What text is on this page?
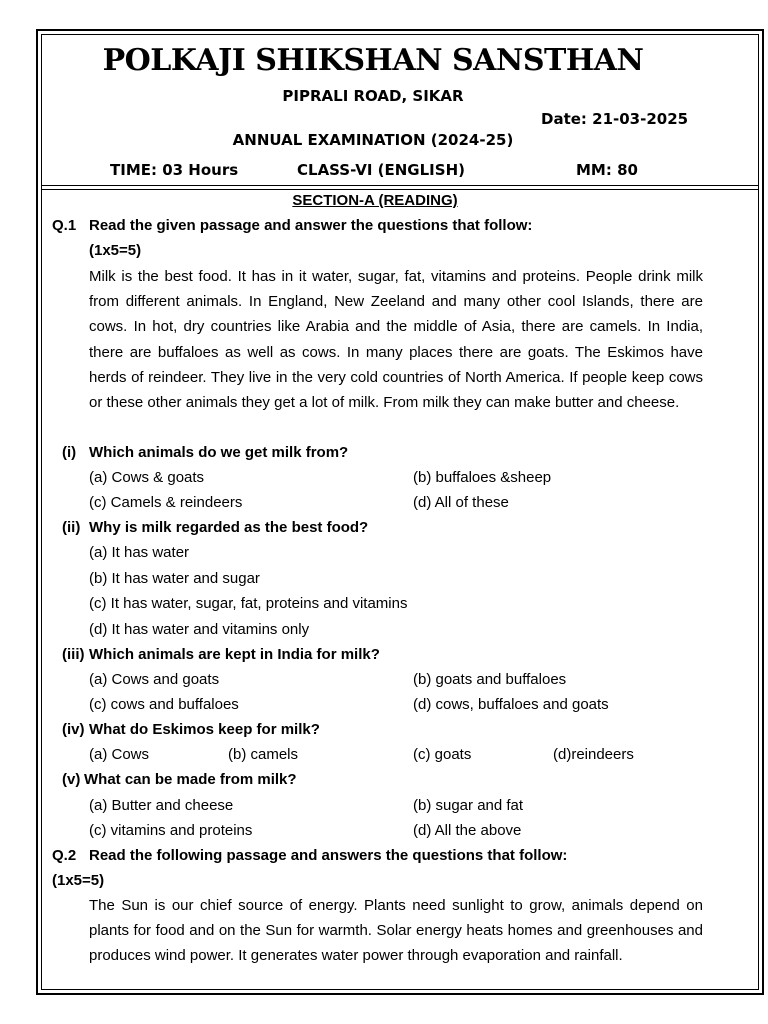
POLKAJI SHIKSHAN SANSTHAN
PIPRALI ROAD, SIKAR
Date: 21-03-2025
ANNUAL EXAMINATION (2024-25)
TIME: 03 Hours	CLASS-VI (ENGLISH)	MM: 80
SECTION-A (READING)
Q.1 Read the given passage and answer the questions that follow:
(1x5=5)
Milk is the best food. It has in it water, sugar, fat, vitamins and proteins. People drink milk from different animals. In England, New Zeeland and many other cool Islands, there are cows. In hot, dry countries like Arabia and the middle of Asia, there are camels. In India, there are buffaloes as well as cows. In many places there are goats. The Eskimos have herds of reindeer. They live in the very cold countries of North America. If people keep cows or these other animals they get a lot of milk. From milk they can make butter and cheese.
(i) Which animals do we get milk from?
(a) Cows & goats	(b) buffaloes &sheep
(c) Camels & reindeers	(d) All of these
(ii) Why is milk regarded as the best food?
(a) It has water
(b) It has water and sugar
(c) It has water, sugar, fat, proteins and vitamins
(d) It has water and vitamins only
(iii) Which animals are kept in India for milk?
(a) Cows and goats	(b) goats and buffaloes
(c) cows and buffaloes	(d) cows, buffaloes and goats
(iv) What do Eskimos keep for milk?
(a) Cows	(b) camels	(c) goats	(d)reindeers
(v) What can be made from milk?
(a) Butter and cheese	(b) sugar and fat
(c) vitamins and proteins	(d) All the above
Q.2 Read the following passage and answers the questions that follow:
(1x5=5)
The Sun is our chief source of energy. Plants need sunlight to grow, animals depend on plants for food and on the Sun for warmth. Solar energy heats homes and greenhouses and produces wind power. It generates water power through evaporation and rainfall.
